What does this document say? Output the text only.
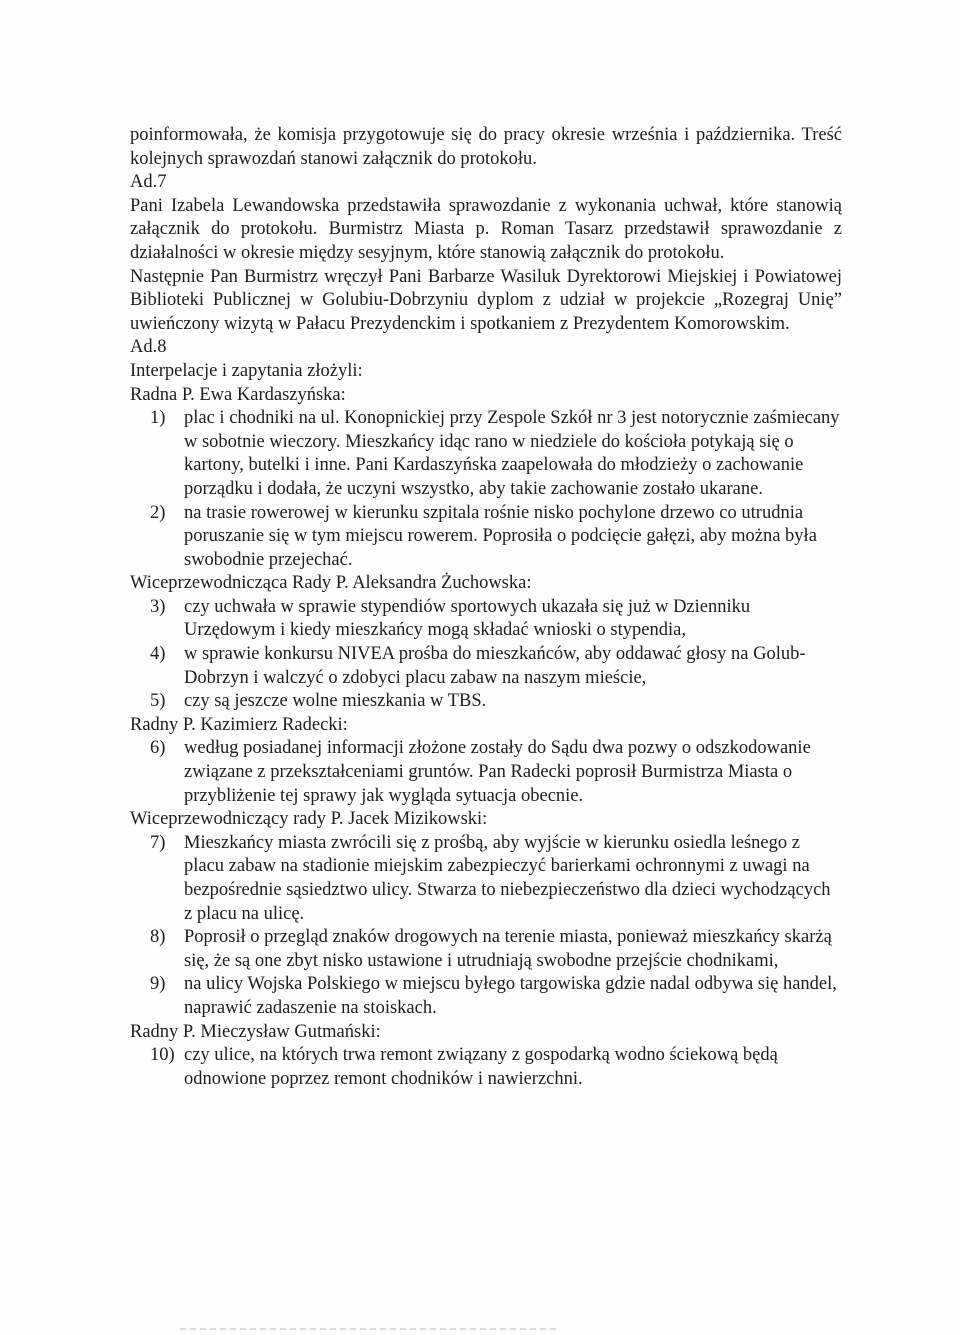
poinformowała, że komisja przygotowuje się do pracy okresie września i października. Treść kolejnych sprawozdań stanowi załącznik do protokołu.

Ad.7

Pani Izabela Lewandowska przedstawiła sprawozdanie z wykonania uchwał, które stanowią załącznik do protokołu. Burmistrz Miasta p. Roman Tasarz przedstawił sprawozdanie z działalności w okresie między sesyjnym, które stanowią załącznik do protokołu.

Następnie Pan Burmistrz wręczył Pani Barbarze Wasiluk Dyrektorowi Miejskiej i Powiatowej Biblioteki Publicznej w Golubiu-Dobrzyniu dyplom z udział w projekcie „Rozegraj Unię” uwieńczony wizytą w Pałacu Prezydenckim i spotkaniem z Prezydentem Komorowskim.

Ad.8

Interpelacje i zapytania złożyli:

Radna P. Ewa Kardaszyńska:

1) plac i chodniki na ul. Konopnickiej przy Zespole Szkół nr 3 jest notorycznie zaśmiecany w sobotnie wieczory. Mieszkańcy idąc rano w niedziele do kościoła potykają się o kartony, butelki i inne. Pani Kardaszyńska zaapelowała do młodzieży o zachowanie porządku i dodała, że uczyni wszystko, aby takie zachowanie zostało ukarane.
2) na trasie rowerowej w kierunku szpitala rośnie nisko pochylone drzewo co utrudnia poruszanie się w tym miejscu rowerem. Poprosiła o podcięcie gałęzi, aby można była swobodnie przejechać.

Wiceprzewodnicząca Rady P. Aleksandra Żuchowska:

3) czy uchwała w sprawie stypendiów sportowych ukazała się już w Dzienniku Urzędowym i kiedy mieszkańcy mogą składać wnioski o stypendia,
4) w sprawie konkursu NIVEA prośba do mieszkańców, aby oddawać głosy na Golub-Dobrzyn i walczyć o zdobyci placu zabaw na naszym mieście,
5) czy są jeszcze wolne mieszkania w TBS.

Radny P. Kazimierz Radecki:

6) według posiadanej informacji złożone zostały do Sądu dwa pozwy o odszkodowanie związane z przekształceniami gruntów. Pan Radecki poprosił Burmistrza Miasta o przybliżenie tej sprawy jak wygląda sytuacja obecnie.

Wiceprzewodniczący rady P. Jacek Mizikowski:

7) Mieszkańcy miasta zwrócili się z prośbą, aby wyjście w kierunku osiedla leśnego z placu zabaw na stadionie miejskim zabezpieczyć barierkami ochronnymi z uwagi na bezpośrednie sąsiedztwo ulicy. Stwarza to niebezpieczeństwo dla dzieci wychodzących z placu na ulicę.
8) Poprosił o przegląd znaków drogowych na terenie miasta, ponieważ mieszkańcy skarżą się, że są one zbyt nisko ustawione i utrudniają swobodne przejście chodnikami,
9) na ulicy Wojska Polskiego w miejscu byłego targowiska gdzie nadal odbywa się handel, naprawić zadaszenie na stoiskach.

Radny P. Mieczysław Gutmański:

10) czy ulice, na których trwa remont związany z gospodarką wodno ściekową będą odnowione poprzez remont chodników i nawierzchni.
